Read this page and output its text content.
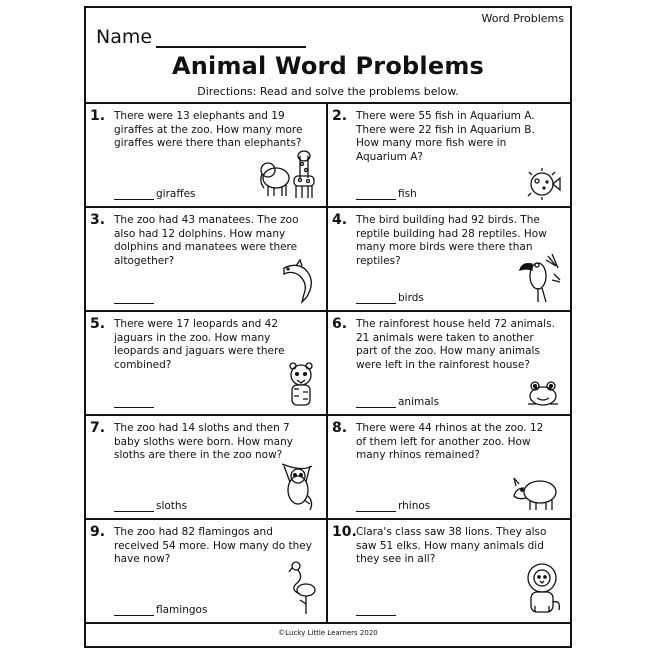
Word Problems
Name
Animal Word Problems
Directions: Read and solve the problems below.
1. There were 13 elephants and 19 giraffes at the zoo. How many more giraffes were there than elephants?
giraffes
2. There were 55 fish in Aquarium A. There were 22 fish in Aquarium B. How many more fish were in Aquarium A?
fish
3. The zoo had 43 manatees. The zoo also had 12 dolphins. How many dolphins and manatees were there altogether?
4. The bird building had 92 birds. The reptile building had 28 reptiles. How many more birds were there than reptiles?
birds
5. There were 17 leopards and 42 jaguars in the zoo. How many leopards and jaguars were there combined?
6. The rainforest house held 72 animals. 21 animals were taken to another part of the zoo. How many animals were left in the rainforest house?
animals
7. The zoo had 14 sloths and then 7 baby sloths were born. How many sloths are there in the zoo now?
sloths
8. There were 44 rhinos at the zoo. 12 of them left for another zoo. How many rhinos remained?
rhinos
9. The zoo had 82 flamingos and received 54 more. How many do they have now?
flamingos
10. Clara's class saw 38 lions. They also saw 51 elks. How many animals did they see in all?
©Lucky Little Learners 2020
